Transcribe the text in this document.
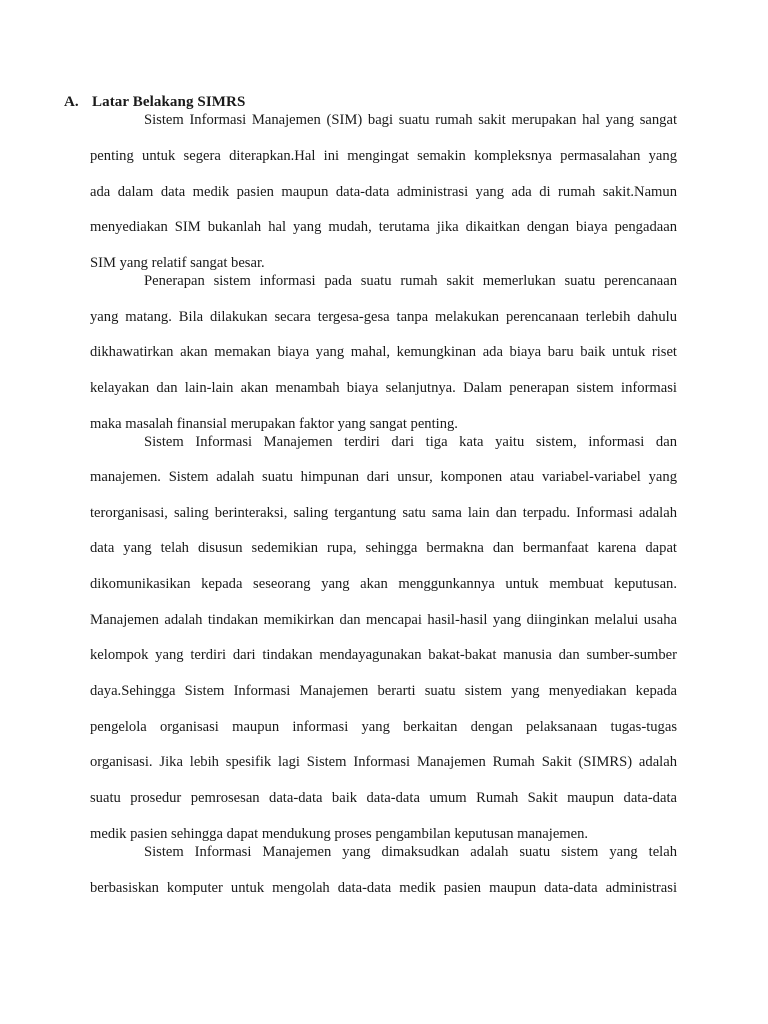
A. Latar Belakang SIMRS
Sistem Informasi Manajemen (SIM) bagi suatu rumah sakit merupakan hal yang sangat
penting untuk segera diterapkan.Hal ini mengingat semakin kompleksnya permasalahan yang
ada dalam data medik pasien maupun data-data administrasi yang ada di rumah sakit.Namun
menyediakan SIM bukanlah hal yang mudah, terutama jika dikaitkan dengan biaya pengadaan
SIM yang relatif sangat besar.
Penerapan sistem informasi pada suatu rumah sakit memerlukan suatu perencanaan
yang matang. Bila dilakukan secara tergesa-gesa tanpa melakukan perencanaan terlebih dahulu
dikhawatirkan akan memakan biaya yang mahal, kemungkinan ada biaya baru baik untuk riset
kelayakan dan lain-lain akan menambah biaya selanjutnya. Dalam penerapan sistem informasi
maka masalah finansial merupakan faktor yang sangat penting.
Sistem Informasi Manajemen terdiri dari tiga kata yaitu sistem, informasi dan
manajemen. Sistem adalah suatu himpunan dari unsur, komponen atau variabel-variabel yang
terorganisasi, saling berinteraksi, saling tergantung satu sama lain dan terpadu. Informasi adalah
data yang telah disusun sedemikian rupa, sehingga bermakna dan bermanfaat karena dapat
dikomunikasikan kepada seseorang yang akan menggunkannya untuk membuat keputusan.
Manajemen adalah tindakan memikirkan dan mencapai hasil-hasil yang diinginkan melalui usaha
kelompok yang terdiri dari tindakan mendayagunakan bakat-bakat manusia dan sumber-sumber
daya.Sehingga Sistem Informasi Manajemen berarti suatu sistem yang menyediakan kepada
pengelola organisasi maupun informasi yang berkaitan dengan pelaksanaan tugas-tugas
organisasi. Jika lebih spesifik lagi Sistem Informasi Manajemen Rumah Sakit (SIMRS) adalah
suatu prosedur pemrosesan data-data baik data-data umum Rumah Sakit maupun data-data
medik pasien sehingga dapat mendukung proses pengambilan keputusan manajemen.
Sistem Informasi Manajemen yang dimaksudkan adalah suatu sistem yang telah
berbasiskan komputer untuk mengolah data-data medik pasien maupun data-data administrasi
